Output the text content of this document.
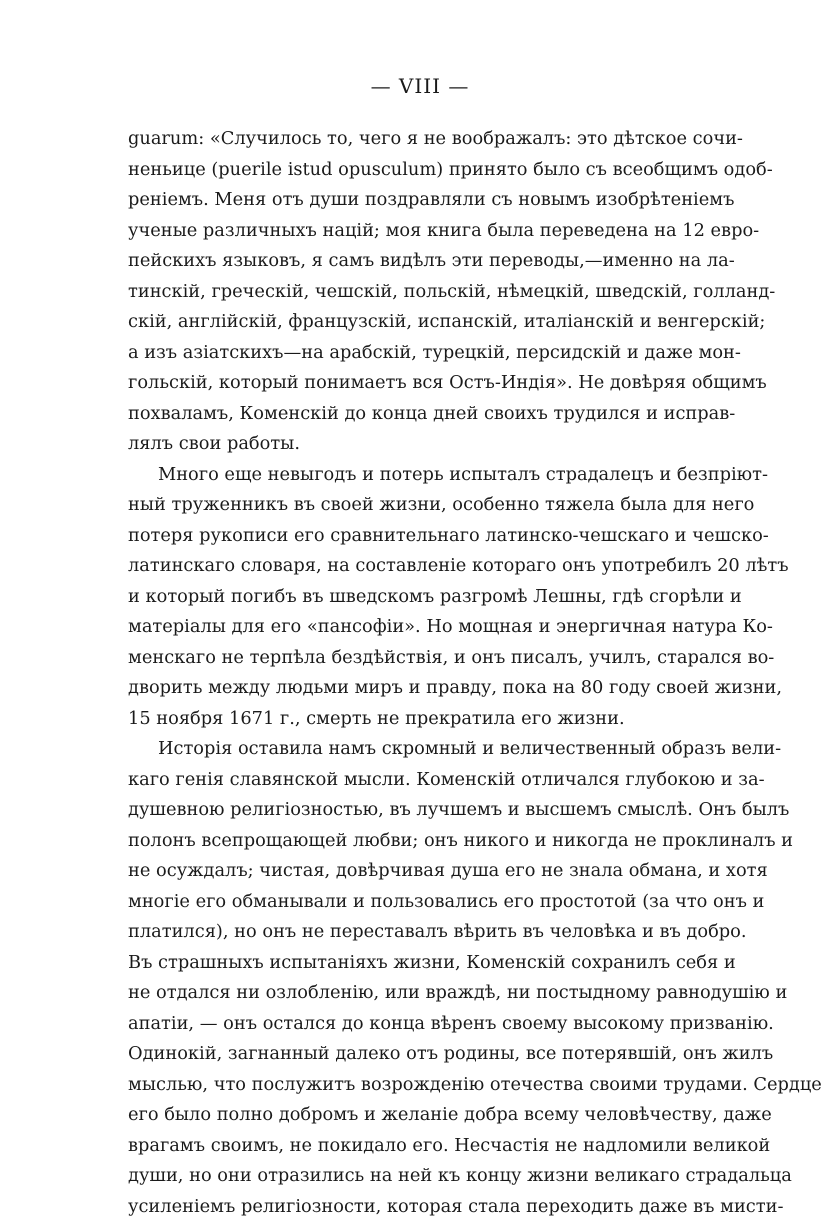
— VIII —
guarum: «Случилось то, чего я не воображалъ: это дѣтское сочи-
неньице (puerile istud opusculum) принято было съ всеобщимъ одоб-
реніемъ. Меня отъ души поздравляли съ новымъ изобрѣтеніемъ
ученые различныхъ націй; моя книга была переведена на 12 евро-
пейскихъ языковъ, я самъ видѣлъ эти переводы,—именно на ла-
тинскій, греческій, чешскій, польскій, нѣмецкій, шведскій, голланд-
скій, англійскій, французскій, испанскій, италіанскій и венгерскій;
а изъ азіатскихъ—на арабскій, турецкій, персидскій и даже мон-
гольскій, который понимаетъ вся Остъ-Индія». Не довѣряя общимъ
похваламъ, Коменскій до конца дней своихъ трудился и исправ-
лялъ свои работы.
Много еще невыгодъ и потерь испыталъ страдалецъ и безпріют-
ный труженникъ въ своей жизни, особенно тяжела была для него
потеря рукописи его сравнительнаго латинско-чешскаго и чешско-
латинскаго словаря, на составленіе котораго онъ употребилъ 20 лѣтъ
и который погибъ въ шведскомъ разгромѣ Лешны, гдѣ сгорѣли и
матеріалы для его «пансофіи». Но мощная и энергичная натура Ко-
менскаго не терпѣла бездѣйствія, и онъ писалъ, училъ, старался во-
дворить между людьми миръ и правду, пока на 80 году своей жизни,
15 ноября 1671 г., смерть не прекратила его жизни.
Исторія оставила намъ скромный и величественный образъ вели-
каго генія славянской мысли. Коменскій отличался глубокою и за-
душевною религіозностью, въ лучшемъ и высшемъ смыслѣ. Онъ былъ
полонъ всепрощающей любви; онъ никого и никогда не проклиналъ и
не осуждалъ; чистая, довѣрчивая душа его не знала обмана, и хотя
многіе его обманывали и пользовались его простотой (за что онъ и
платился), но онъ не переставалъ вѣрить въ человѣка и въ добро.
Въ страшныхъ испытаніяхъ жизни, Коменскій сохранилъ себя и
не отдался ни озлобленію, или враждѣ, ни постыдному равнодушію и
апатіи, — онъ остался до конца вѣренъ своему высокому призванію.
Одинокій, загнанный далеко отъ родины, все потерявшій, онъ жилъ
мыслью, что послужитъ возрожденію отечества своими трудами. Сердце
его было полно добромъ и желаніе добра всему человѣчеству, даже
врагамъ своимъ, не покидало его. Несчастія не надломили великой
души, но они отразились на ней къ концу жизни великаго страдальца
усиленіемъ религіозности, которая стала переходить даже въ мисти-
